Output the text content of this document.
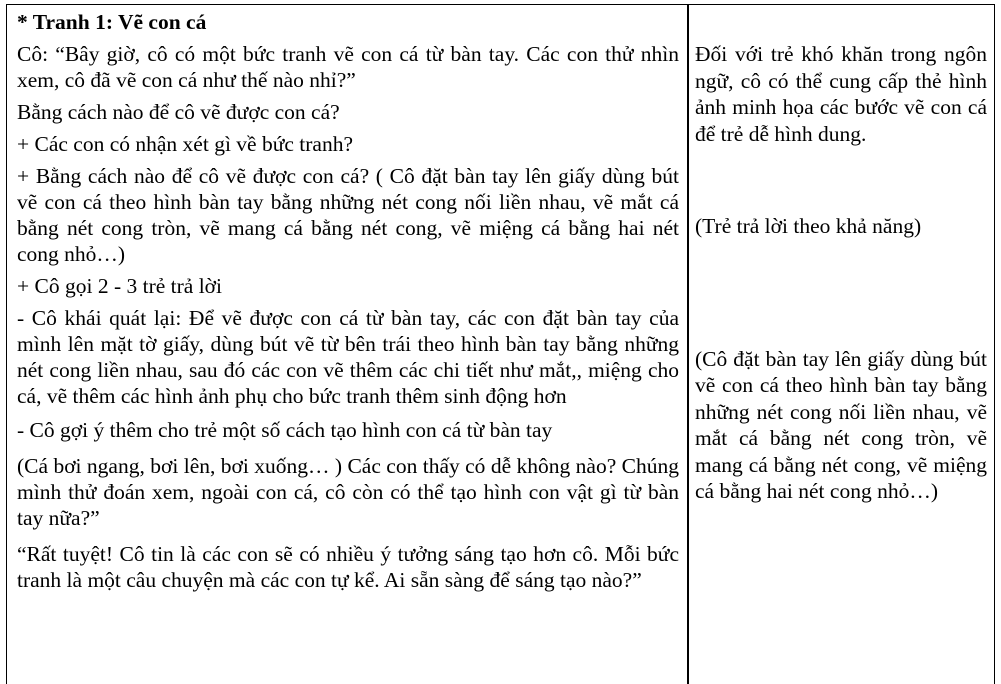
* Tranh 1: Vẽ con cá

Cô: “Bây giờ, cô có một bức tranh vẽ con cá từ bàn tay. Các con thử nhìn xem, cô đã vẽ con cá như thế nào nhỉ?”

Bằng cách nào để cô vẽ được con cá?

+ Các con có nhận xét gì về bức tranh?

+ Bằng cách nào để cô vẽ được con cá? ( Cô đặt bàn tay lên giấy dùng bút vẽ con cá theo hình bàn tay bằng những nét cong nối liền nhau, vẽ mắt cá bằng nét cong tròn, vẽ mang cá bằng nét cong, vẽ miệng cá bằng hai nét cong nhỏ…)

+ Cô gọi 2 - 3 trẻ trả lời

- Cô khái quát lại: Để vẽ được con cá từ bàn tay, các con đặt bàn tay của mình lên mặt tờ giấy, dùng bút vẽ từ bên trái theo hình bàn tay bằng những nét cong liền nhau, sau đó các con vẽ thêm các chi tiết như mắt,, miệng cho cá, vẽ thêm các hình ảnh phụ cho bức tranh thêm sinh động hơn

- Cô gợi ý thêm cho trẻ một số cách tạo hình con cá từ bàn tay

(Cá bơi ngang, bơi lên, bơi xuống… ) Các con thấy có dễ không nào? Chúng mình thử đoán xem, ngoài con cá, cô còn có thể tạo hình con vật gì từ bàn tay nữa?”

“Rất tuyệt! Cô tin là các con sẽ có nhiều ý tưởng sáng tạo hơn cô. Mỗi bức tranh là một câu chuyện mà các con tự kể. Ai sẵn sàng để sáng tạo nào?”

Đối với trẻ khó khăn trong ngôn ngữ, cô có thể cung cấp thẻ hình ảnh minh họa các bước vẽ con cá để trẻ dễ hình dung.

(Trẻ trả lời theo khả năng)

(Cô đặt bàn tay lên giấy dùng bút vẽ con cá theo hình bàn tay bằng những nét cong nối liền nhau, vẽ mắt cá bằng nét cong tròn, vẽ mang cá bằng nét cong, vẽ miệng cá bằng hai nét cong nhỏ…)
